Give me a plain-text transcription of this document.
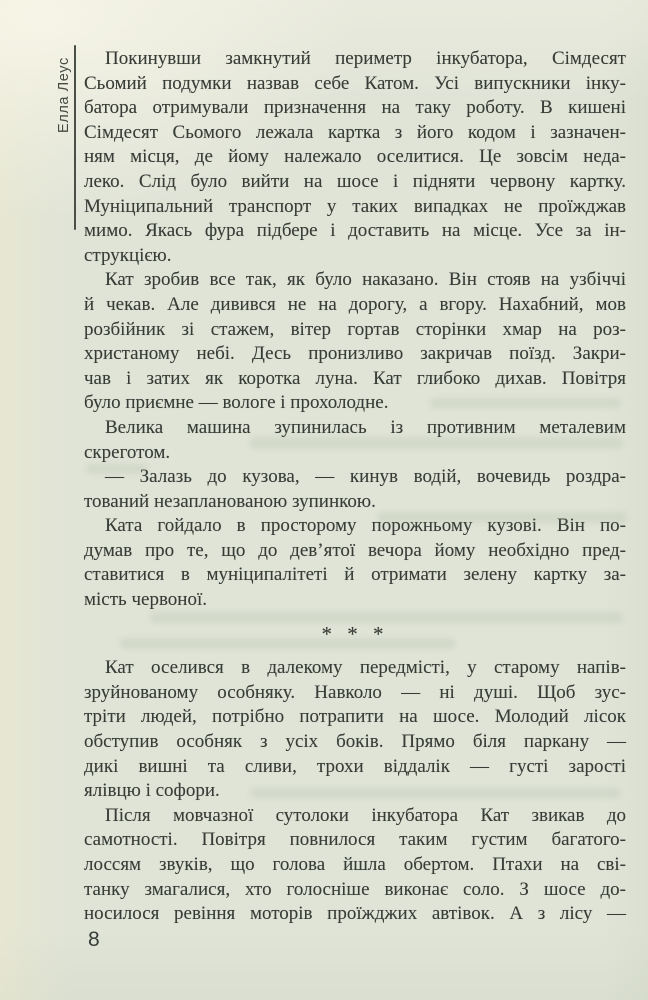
Елла Леус	Покинувши замкнутий периметр інкубатора, Сімдесят
Сьомий подумки назвав себе Катом. Усі випускники інку-
батора отримували призначення на таку роботу. В кишені
Сімдесят Сьомого лежала картка з його кодом і зазначен-
ням місця, де йому належало оселитися. Це зовсім неда-
леко. Слід було вийти на шосе і підняти червону картку.
Муніципальний транспорт у таких випадках не проїжджав
мимо. Якась фура підбере і доставить на місце. Усе за ін-
струкцією.
Кат зробив все так, як було наказано. Він стояв на узбіччі
й чекав. Але дивився не на дорогу, а вгору. Нахабний, мов
розбійник зі стажем, вітер гортав сторінки хмар на роз-
христаному небі. Десь пронизливо закричав поїзд. Закри-
чав і затих як коротка луна. Кат глибоко дихав. Повітря
було приємне — вологе і прохолодне.
Велика машина зупинилась із противним металевим
скреготом.
— Залазь до кузова, — кинув водій, вочевидь роздра-
тований незапланованою зупинкою.
Ката гойдало в просторому порожньому кузові. Він по-
думав про те, що до дев’ятої вечора йому необхідно пред-
ставитися в муніципалітеті й отримати зелену картку за-
мість червоної.
* * *
Кат оселився в далекому передмісті, у старому напів-
зруйнованому особняку. Навколо — ні душі. Щоб зус-
тріти людей, потрібно потрапити на шосе. Молодий лісок
обступив особняк з усіх боків. Прямо біля паркану —
дикі вишні та сливи, трохи віддалік — густі зарості
ялівцю і софори.
Після мовчазної сутолоки інкубатора Кат звикав до
самотності. Повітря повнилося таким густим багатого-
лоссям звуків, що голова йшла обертом. Птахи на сві-
танку змагалися, хто голосніше виконає соло. З шосе до-
носилося ревіння моторів проїжджих автівок. А з лісу —
8
